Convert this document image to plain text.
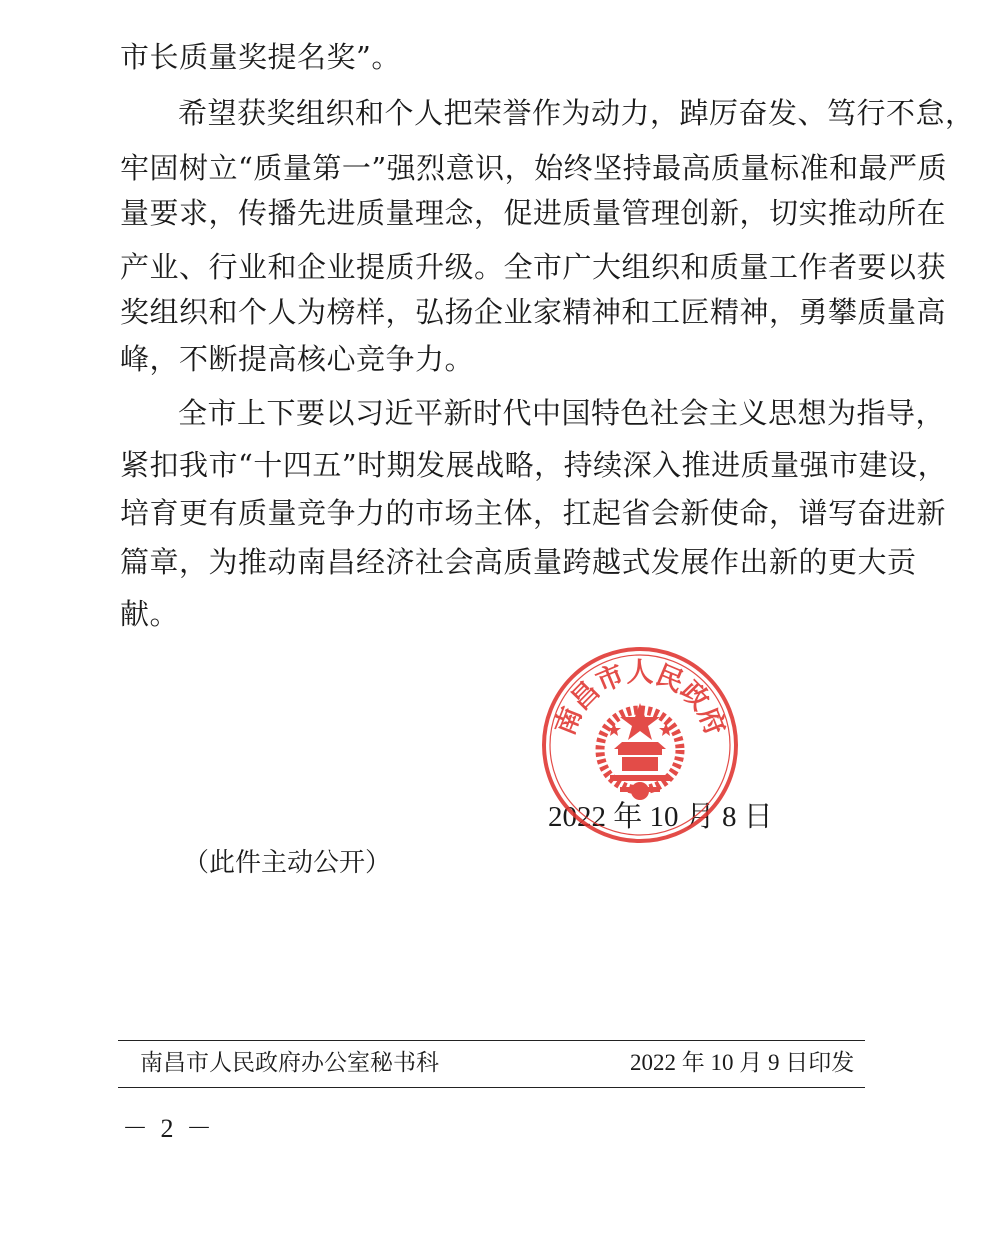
市长质量奖提名奖”。
希望获奖组织和个人把荣誉作为动力，踔厉奋发、笃行不怠，
牢固树立“质量第一”强烈意识，始终坚持最高质量标准和最严质
量要求，传播先进质量理念，促进质量管理创新，切实推动所在
产业、行业和企业提质升级。全市广大组织和质量工作者要以获
奖组织和个人为榜样，弘扬企业家精神和工匠精神，勇攀质量高
峰，不断提高核心竞争力。
全市上下要以习近平新时代中国特色社会主义思想为指导，
紧扣我市“十四五”时期发展战略，持续深入推进质量强市建设，
培育更有质量竞争力的市场主体，扛起省会新使命，谱写奋进新
篇章，为推动南昌经济社会高质量跨越式发展作出新的更大贡
献。
2022 年 10 月 8 日
南昌市人民政府
（此件主动公开）
南昌市人民政府办公室秘书科	2022 年 10 月 9 日印发
－ 2 －
